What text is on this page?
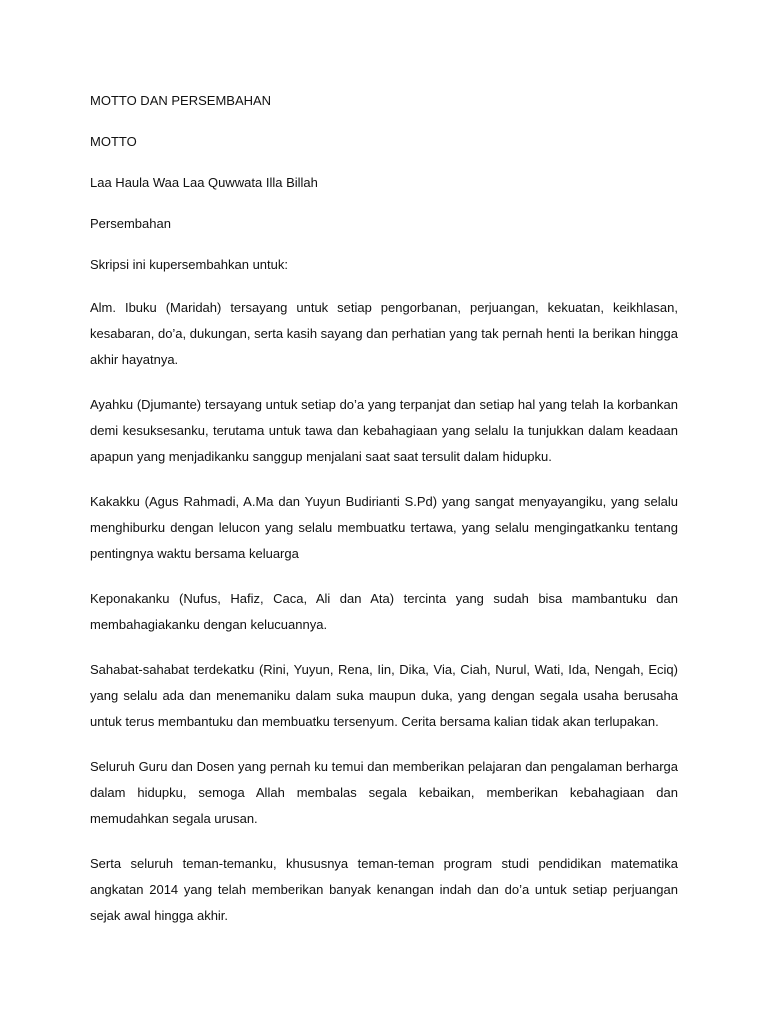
MOTTO DAN PERSEMBAHAN

MOTTO

Laa Haula Waa Laa Quwwata Illa Billah

Persembahan

Skripsi ini kupersembahkan untuk:

Alm. Ibuku (Maridah) tersayang untuk setiap pengorbanan, perjuangan, kekuatan, keikhlasan, kesabaran, do’a, dukungan, serta kasih sayang dan perhatian yang tak pernah henti Ia berikan hingga akhir hayatnya.

Ayahku (Djumante) tersayang untuk setiap do’a yang terpanjat dan setiap hal yang telah Ia korbankan demi kesuksesanku, terutama untuk tawa dan kebahagiaan yang selalu Ia tunjukkan dalam keadaan apapun yang menjadikanku sanggup menjalani saat saat tersulit dalam hidupku.

Kakakku (Agus Rahmadi, A.Ma dan Yuyun Budirianti S.Pd) yang sangat menyayangiku, yang selalu menghiburku dengan lelucon yang selalu membuatku tertawa, yang selalu mengingatkanku tentang pentingnya waktu bersama keluarga

Keponakanku (Nufus, Hafiz, Caca, Ali dan Ata) tercinta yang sudah bisa mambantuku dan membahagiakanku dengan kelucuannya.

Sahabat-sahabat terdekatku (Rini, Yuyun, Rena, Iin, Dika, Via, Ciah, Nurul, Wati, Ida, Nengah, Eciq) yang selalu ada dan menemaniku dalam suka maupun duka, yang dengan segala usaha berusaha untuk terus membantuku dan membuatku tersenyum. Cerita bersama kalian tidak akan terlupakan.

Seluruh Guru dan Dosen yang pernah ku temui dan memberikan pelajaran dan pengalaman berharga dalam hidupku, semoga Allah membalas segala kebaikan, memberikan kebahagiaan dan memudahkan segala urusan.

Serta seluruh teman-temanku, khususnya teman-teman program studi pendidikan matematika angkatan 2014 yang telah memberikan banyak kenangan indah dan do’a untuk setiap perjuangan sejak awal hingga akhir.
